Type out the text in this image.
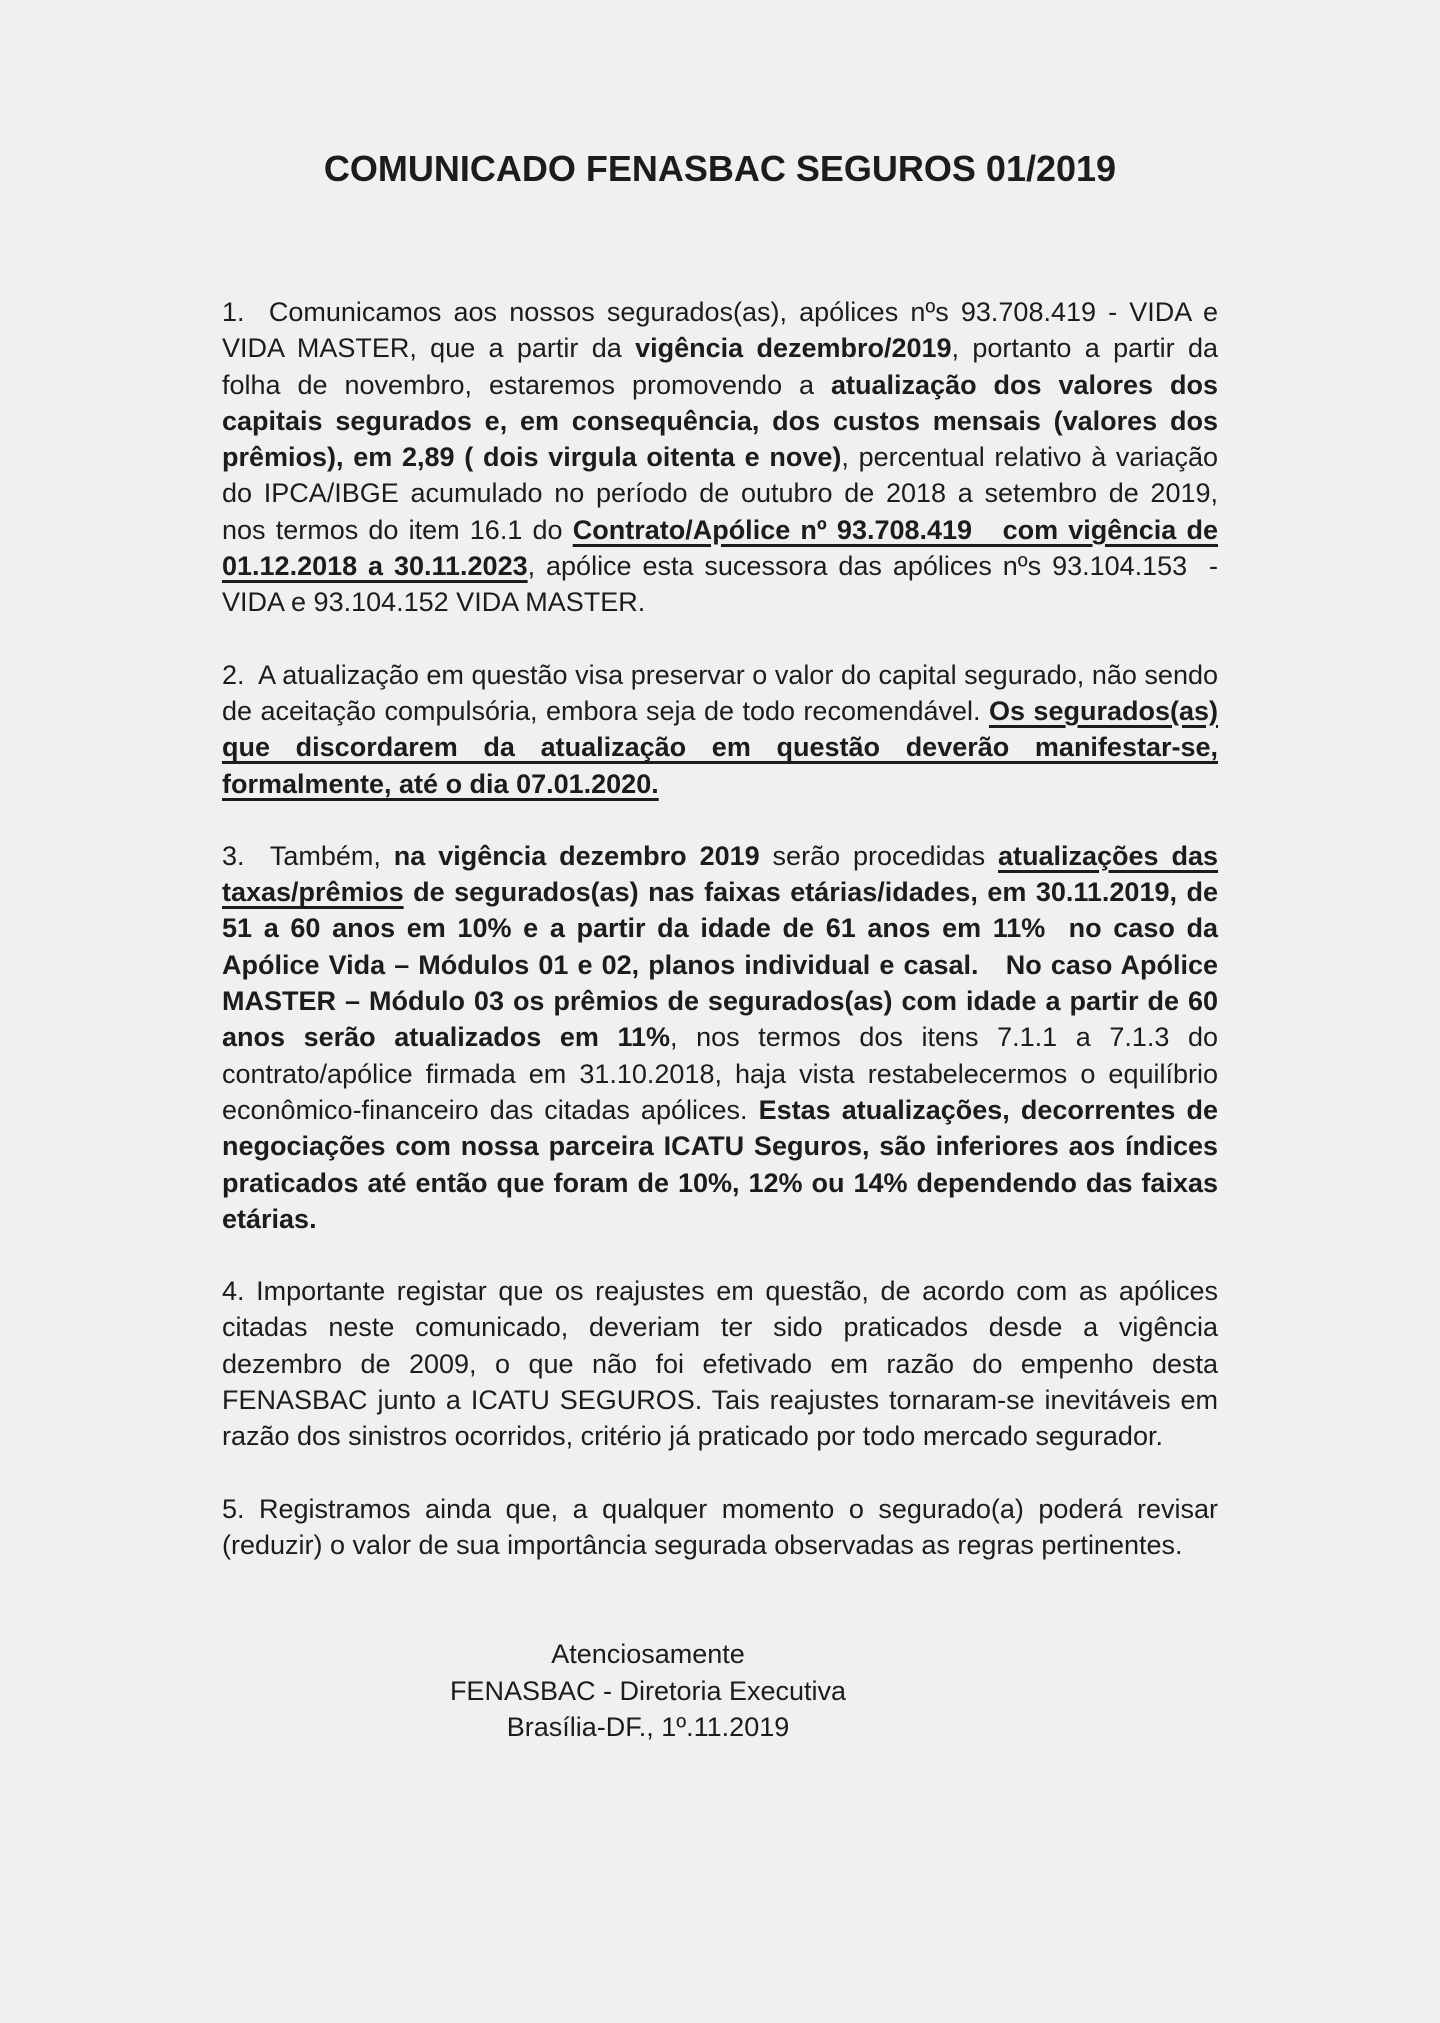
COMUNICADO FENASBAC SEGUROS 01/2019

1.  Comunicamos aos nossos segurados(as), apólices nºs 93.708.419 - VIDA e VIDA MASTER, que a partir da vigência dezembro/2019, portanto a partir da folha de novembro, estaremos promovendo a atualização dos valores dos capitais segurados e, em consequência, dos custos mensais (valores dos prêmios), em 2,89 ( dois virgula oitenta e nove), percentual relativo à variação do IPCA/IBGE acumulado no período de outubro de 2018 a setembro de 2019, nos termos do item 16.1 do Contrato/Apólice nº 93.708.419   com vigência de 01.12.2018 a 30.11.2023, apólice esta sucessora das apólices nºs 93.104.153  - VIDA e 93.104.152 VIDA MASTER.

2.  A atualização em questão visa preservar o valor do capital segurado, não sendo de aceitação compulsória, embora seja de todo recomendável. Os segurados(as) que discordarem da atualização em questão deverão manifestar-se, formalmente, até o dia 07.01.2020.

3.  Também, na vigência dezembro 2019 serão procedidas atualizações das taxas/prêmios de segurados(as) nas faixas etárias/idades, em 30.11.2019, de 51 a 60 anos em 10% e a partir da idade de 61 anos em 11%  no caso da Apólice Vida – Módulos 01 e 02, planos individual e casal.   No caso Apólice MASTER – Módulo 03 os prêmios de segurados(as) com idade a partir de 60 anos serão atualizados em 11%, nos termos dos itens 7.1.1 a 7.1.3 do contrato/apólice firmada em 31.10.2018, haja vista restabelecermos o equilíbrio econômico-financeiro das citadas apólices. Estas atualizações, decorrentes de negociações com nossa parceira ICATU Seguros, são inferiores aos índices praticados até então que foram de 10%, 12% ou 14% dependendo das faixas etárias.

4. Importante registar que os reajustes em questão, de acordo com as apólices citadas neste comunicado, deveriam ter sido praticados desde a vigência dezembro de 2009, o que não foi efetivado em razão do empenho desta FENASBAC junto a ICATU SEGUROS. Tais reajustes tornaram-se inevitáveis em razão dos sinistros ocorridos, critério já praticado por todo mercado segurador.

5. Registramos ainda que, a qualquer momento o segurado(a) poderá revisar (reduzir) o valor de sua importância segurada observadas as regras pertinentes.

Atenciosamente
FENASBAC - Diretoria Executiva
Brasília-DF., 1º.11.2019
